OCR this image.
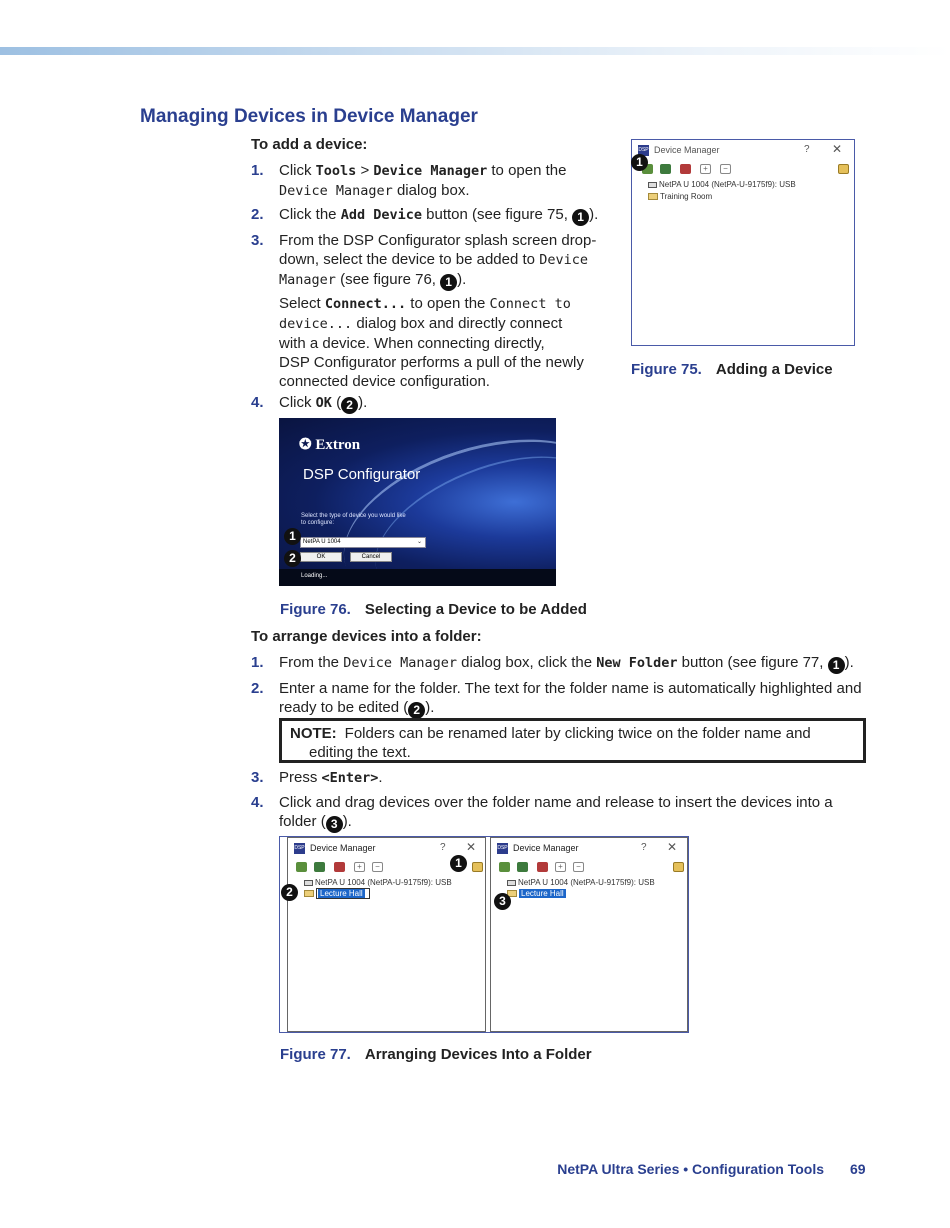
Managing Devices in Device Manager
To add a device:
1.	Click Tools > Device Manager to open the
Device Manager dialog box.
2.	Click the Add Device button (see figure 75, 1 ).
3.	From the DSP Configurator splash screen drop-
down, select the device to be added to Device
Manager (see figure 76, 1 ).
Select Connect... to open the Connect to
device... dialog box and directly connect
with a device. When connecting directly,
DSP Configurator performs a pull of the newly
connected device configuration.
4.	Click OK ( 2 ).
DSP Device Manager	? ✕
+	−
NetPA U 1004 (NetPA-U-9175f9): USB
Training Room
1
Figure 75. Adding a Device
✪ Extron
DSP Configurator
Select the type of device you would like to configure:
NetPA U 1004	⌄
OK	Cancel
Loading...
1
2
Figure 76. Selecting a Device to be Added
To arrange devices into a folder:
1.	From the Device Manager dialog box, click the New Folder button (see figure 77, 1 ).
2.	Enter a name for the folder. The text for the folder name is automatically highlighted and
ready to be edited ( 2 ).
NOTE: Folders can be renamed later by clicking twice on the folder name and
editing the text.
3.	Press <Enter>.
4.	Click and drag devices over the folder name and release to insert the devices into a
folder ( 3 ).
DSP Device Manager	? ✕
+	−
NetPA U 1004 (NetPA-U-9175f9): USB
Lecture Hall
DSP Device Manager	? ✕
+	−
NetPA U 1004 (NetPA-U-9175f9): USB
Lecture Hall
1
2
3
Figure 77. Arranging Devices Into a Folder
NetPA Ultra Series • Configuration Tools 69
